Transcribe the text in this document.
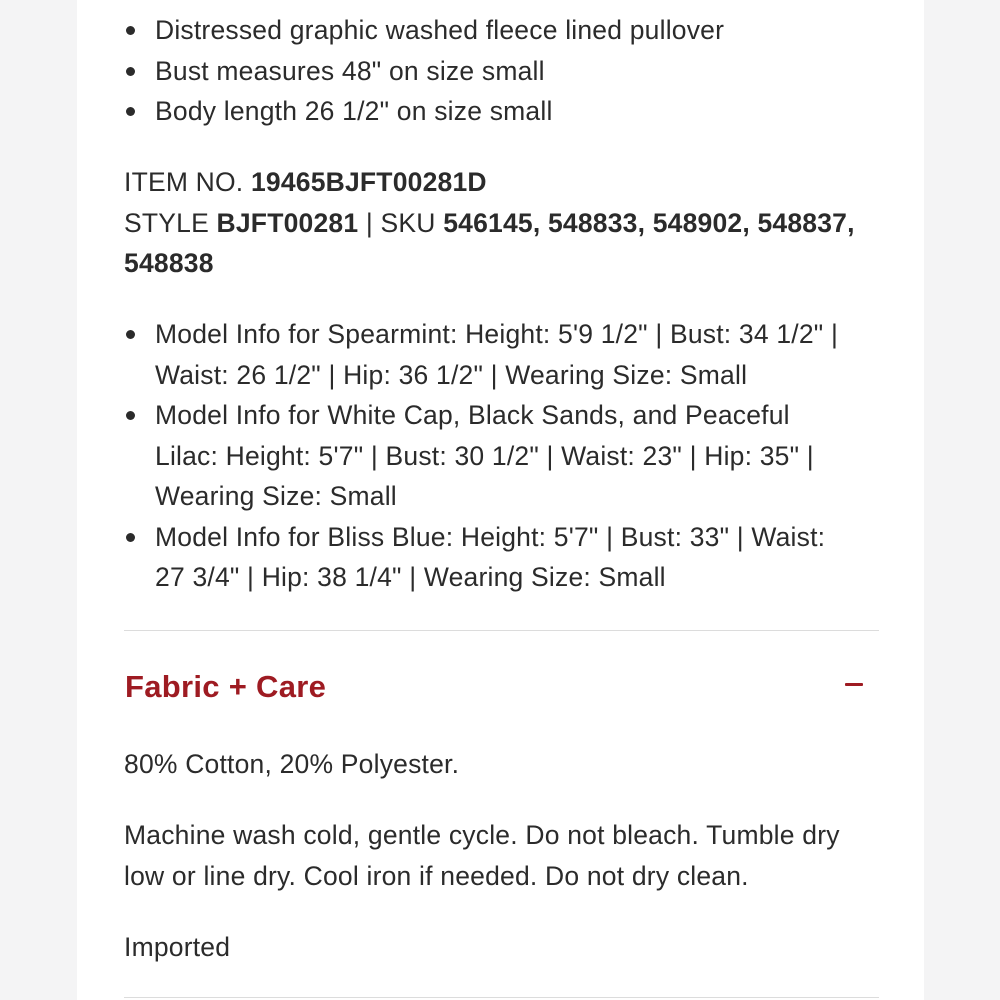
Distressed graphic washed fleece lined pullover
Bust measures 48" on size small
Body length 26 1/2" on size small
ITEM NO. 19465BJFT00281D
STYLE BJFT00281 | SKU 546145, 548833, 548902, 548837, 548838
Model Info for Spearmint: Height: 5'9 1/2" | Bust: 34 1/2" | Waist: 26 1/2" | Hip: 36 1/2" | Wearing Size: Small
Model Info for White Cap, Black Sands, and Peaceful Lilac: Height: 5'7" | Bust: 30 1/2" | Waist: 23" | Hip: 35" | Wearing Size: Small
Model Info for Bliss Blue: Height: 5'7" | Bust: 33" | Waist: 27 3/4" | Hip: 38 1/4" | Wearing Size: Small
Fabric + Care

80% Cotton, 20% Polyester.

Machine wash cold, gentle cycle. Do not bleach. Tumble dry low or line dry. Cool iron if needed. Do not dry clean.

Imported
